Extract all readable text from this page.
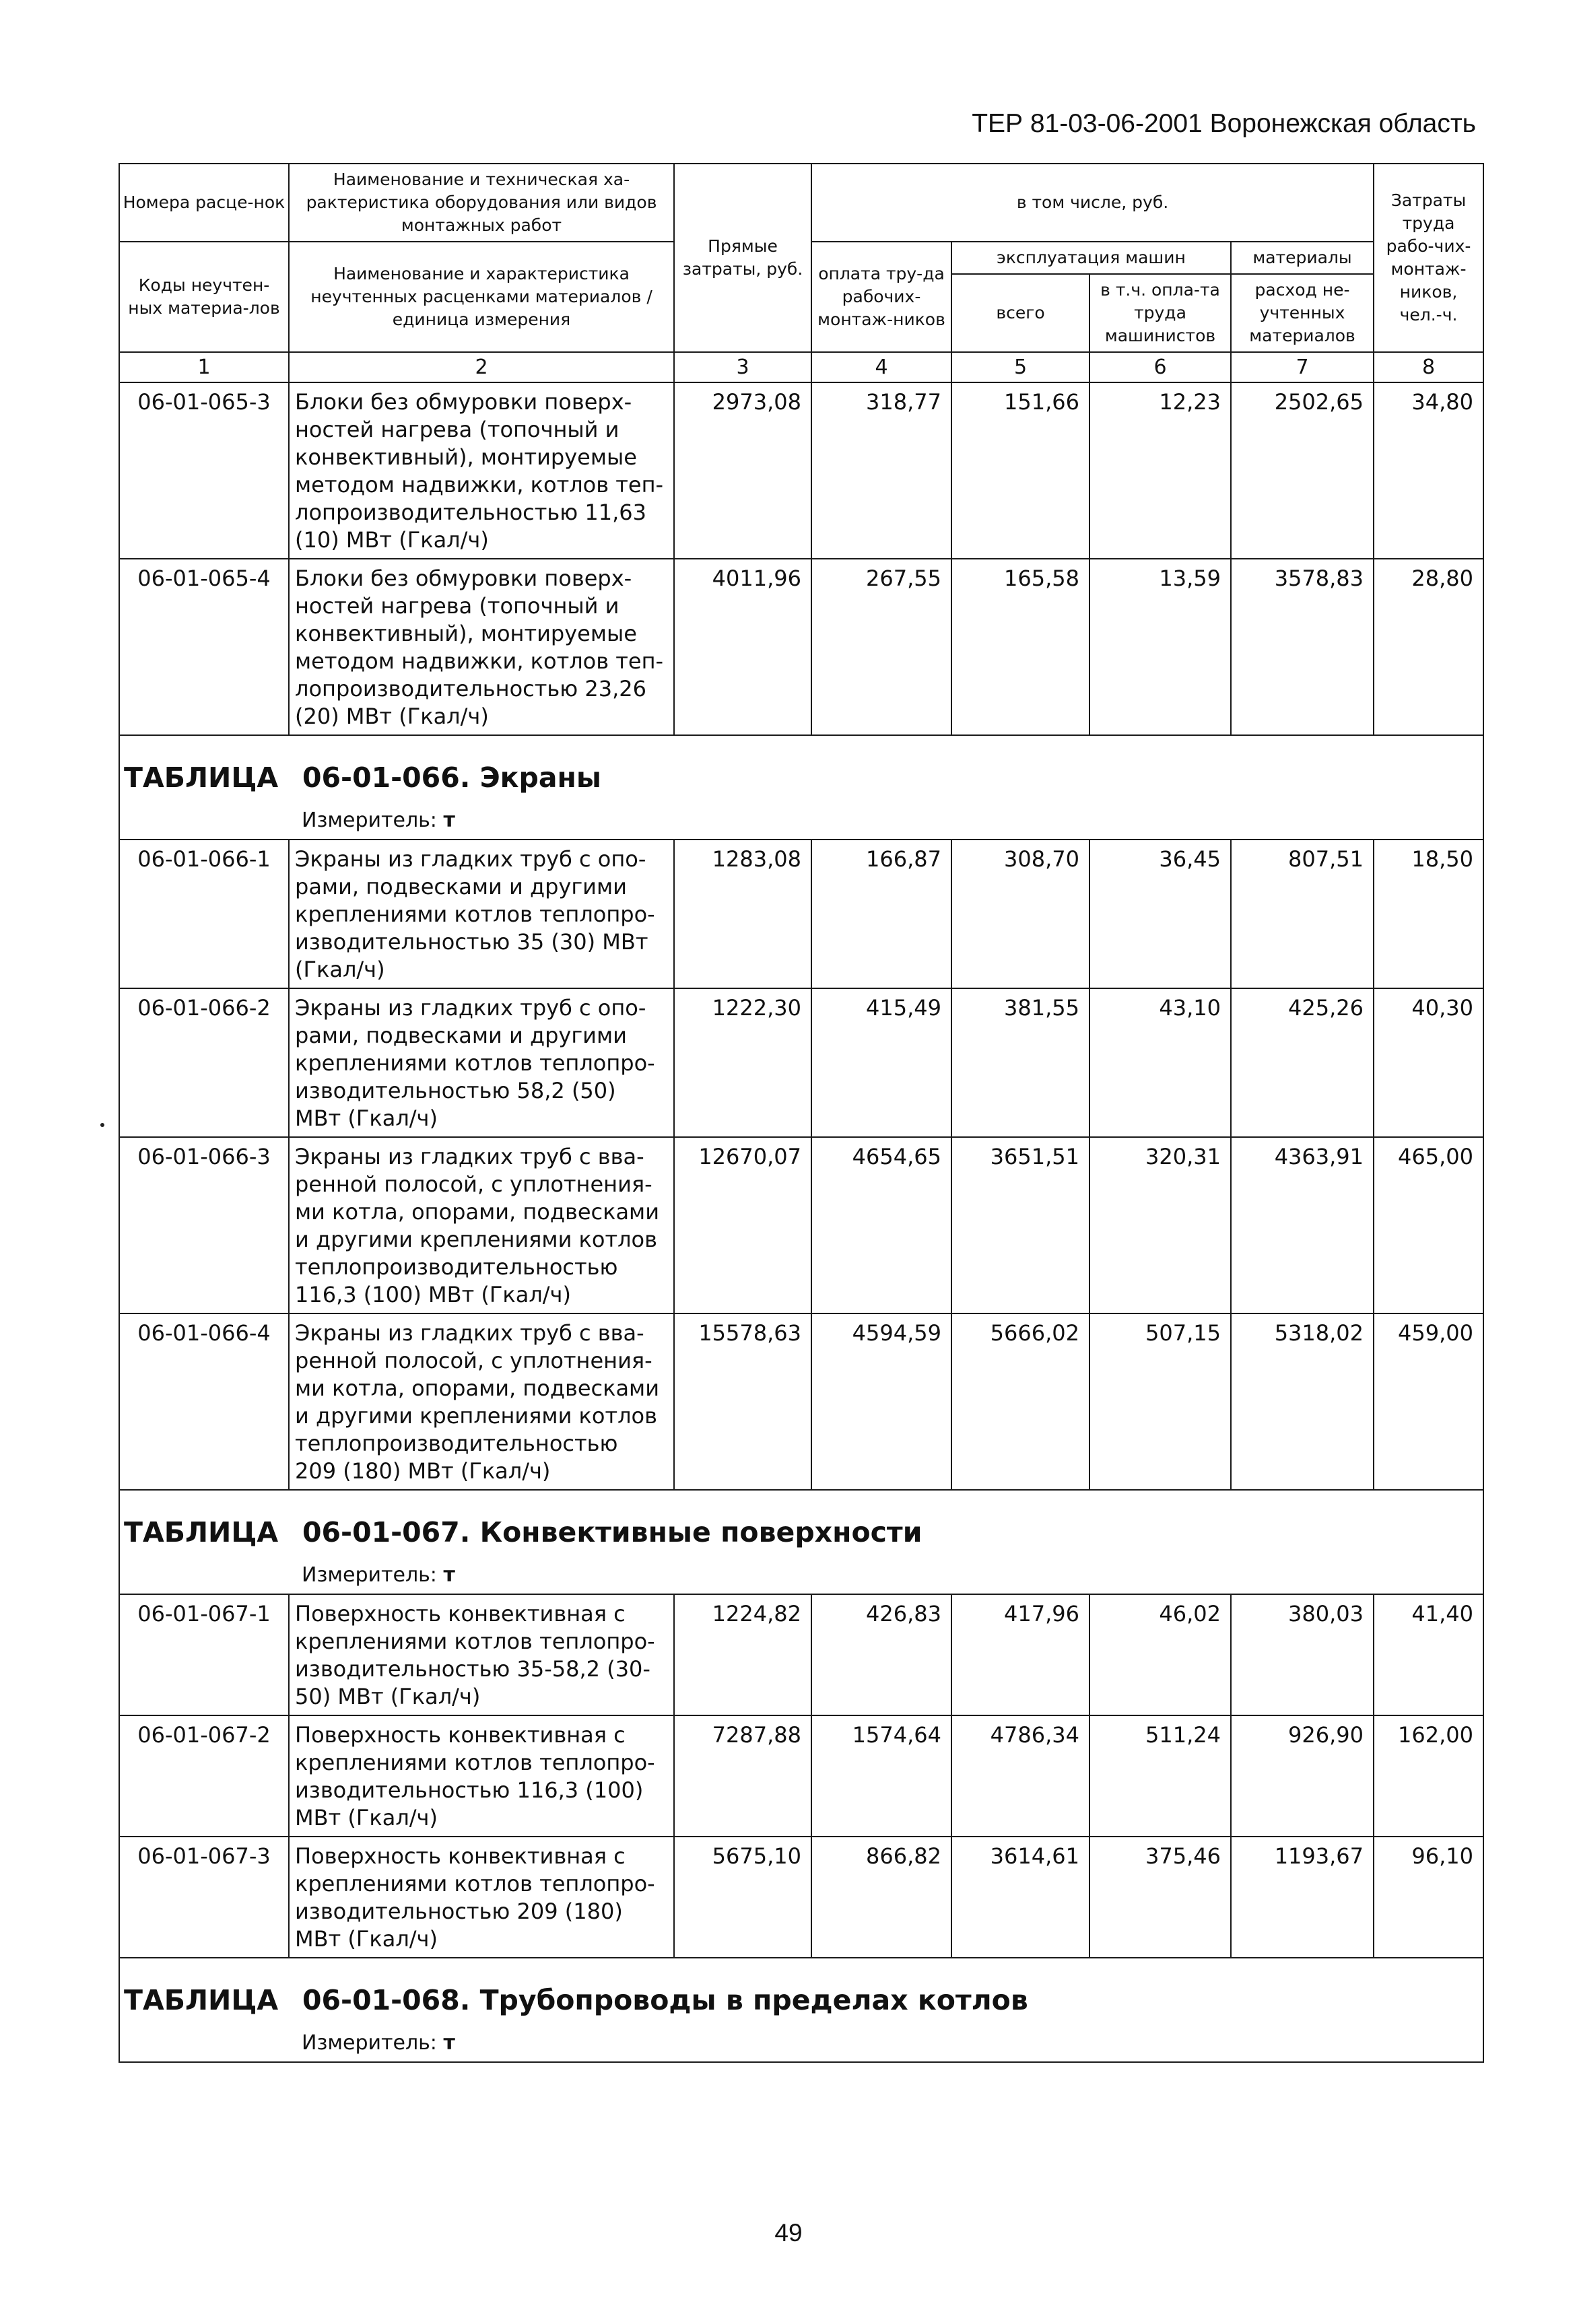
ТЕР 81-03-06-2001 Воронежская область
Номера расце-нок	Наименование и техническая ха-рактеристика оборудования или видов монтажных работ	Прямые затраты, руб.	в том числе, руб.				Затраты труда рабо-чих-монтаж-ников, чел.-ч.
Коды неучтен-ных материа-лов	Наименование и характеристика неучтенных расценками материалов / единица измерения		оплата тру-да рабочих-монтаж-ников	эксплуатация машин		материалы	
				всего	в т.ч. опла-та труда машинистов	расход не-учтенных материалов	
1	2	3	4	5	6	7	8
06-01-065-3	Блоки без обмуровки поверх-ностей нагрева (топочный и конвективный), монтируемые методом надвижки, котлов теп-лопроизводительностью 11,63 (10) МВт (Гкал/ч)	2973,08	318,77	151,66	12,23	2502,65	34,80
06-01-065-4	Блоки без обмуровки поверх-ностей нагрева (топочный и конвективный), монтируемые методом надвижки, котлов теп-лопроизводительностью 23,26 (20) МВт (Гкал/ч)	4011,96	267,55	165,58	13,59	3578,83	28,80
ТАБЛИЦА 06-01-066. Экраны							
Измеритель: т							
06-01-066-1	Экраны из гладких труб с опо-рами, подвесками и другими креплениями котлов теплопро-изводительностью 35 (30) МВт (Гкал/ч)	1283,08	166,87	308,70	36,45	807,51	18,50
06-01-066-2	Экраны из гладких труб с опо-рами, подвесками и другими креплениями котлов теплопро-изводительностью 58,2 (50) МВт (Гкал/ч)	1222,30	415,49	381,55	43,10	425,26	40,30
06-01-066-3	Экраны из гладких труб с вва-ренной полосой, с уплотнения-ми котла, опорами, подвесками и другими креплениями котлов теплопроизводительностью 116,3 (100) МВт (Гкал/ч)	12670,07	4654,65	3651,51	320,31	4363,91	465,00
06-01-066-4	Экраны из гладких труб с вва-ренной полосой, с уплотнения-ми котла, опорами, подвесками и другими креплениями котлов теплопроизводительностью 209 (180) МВт (Гкал/ч)	15578,63	4594,59	5666,02	507,15	5318,02	459,00
ТАБЛИЦА 06-01-067. Конвективные поверхности							
Измеритель: т							
06-01-067-1	Поверхность конвективная с креплениями котлов теплопро-изводительностью 35-58,2 (30-50) МВт (Гкал/ч)	1224,82	426,83	417,96	46,02	380,03	41,40
06-01-067-2	Поверхность конвективная с креплениями котлов теплопро-изводительностью 116,3 (100) МВт (Гкал/ч)	7287,88	1574,64	4786,34	511,24	926,90	162,00
06-01-067-3	Поверхность конвективная с креплениями котлов теплопро-изводительностью 209 (180) МВт (Гкал/ч)	5675,10	866,82	3614,61	375,46	1193,67	96,10
ТАБЛИЦА 06-01-068. Трубопроводы в пределах котлов							
Измеритель: т							
49
